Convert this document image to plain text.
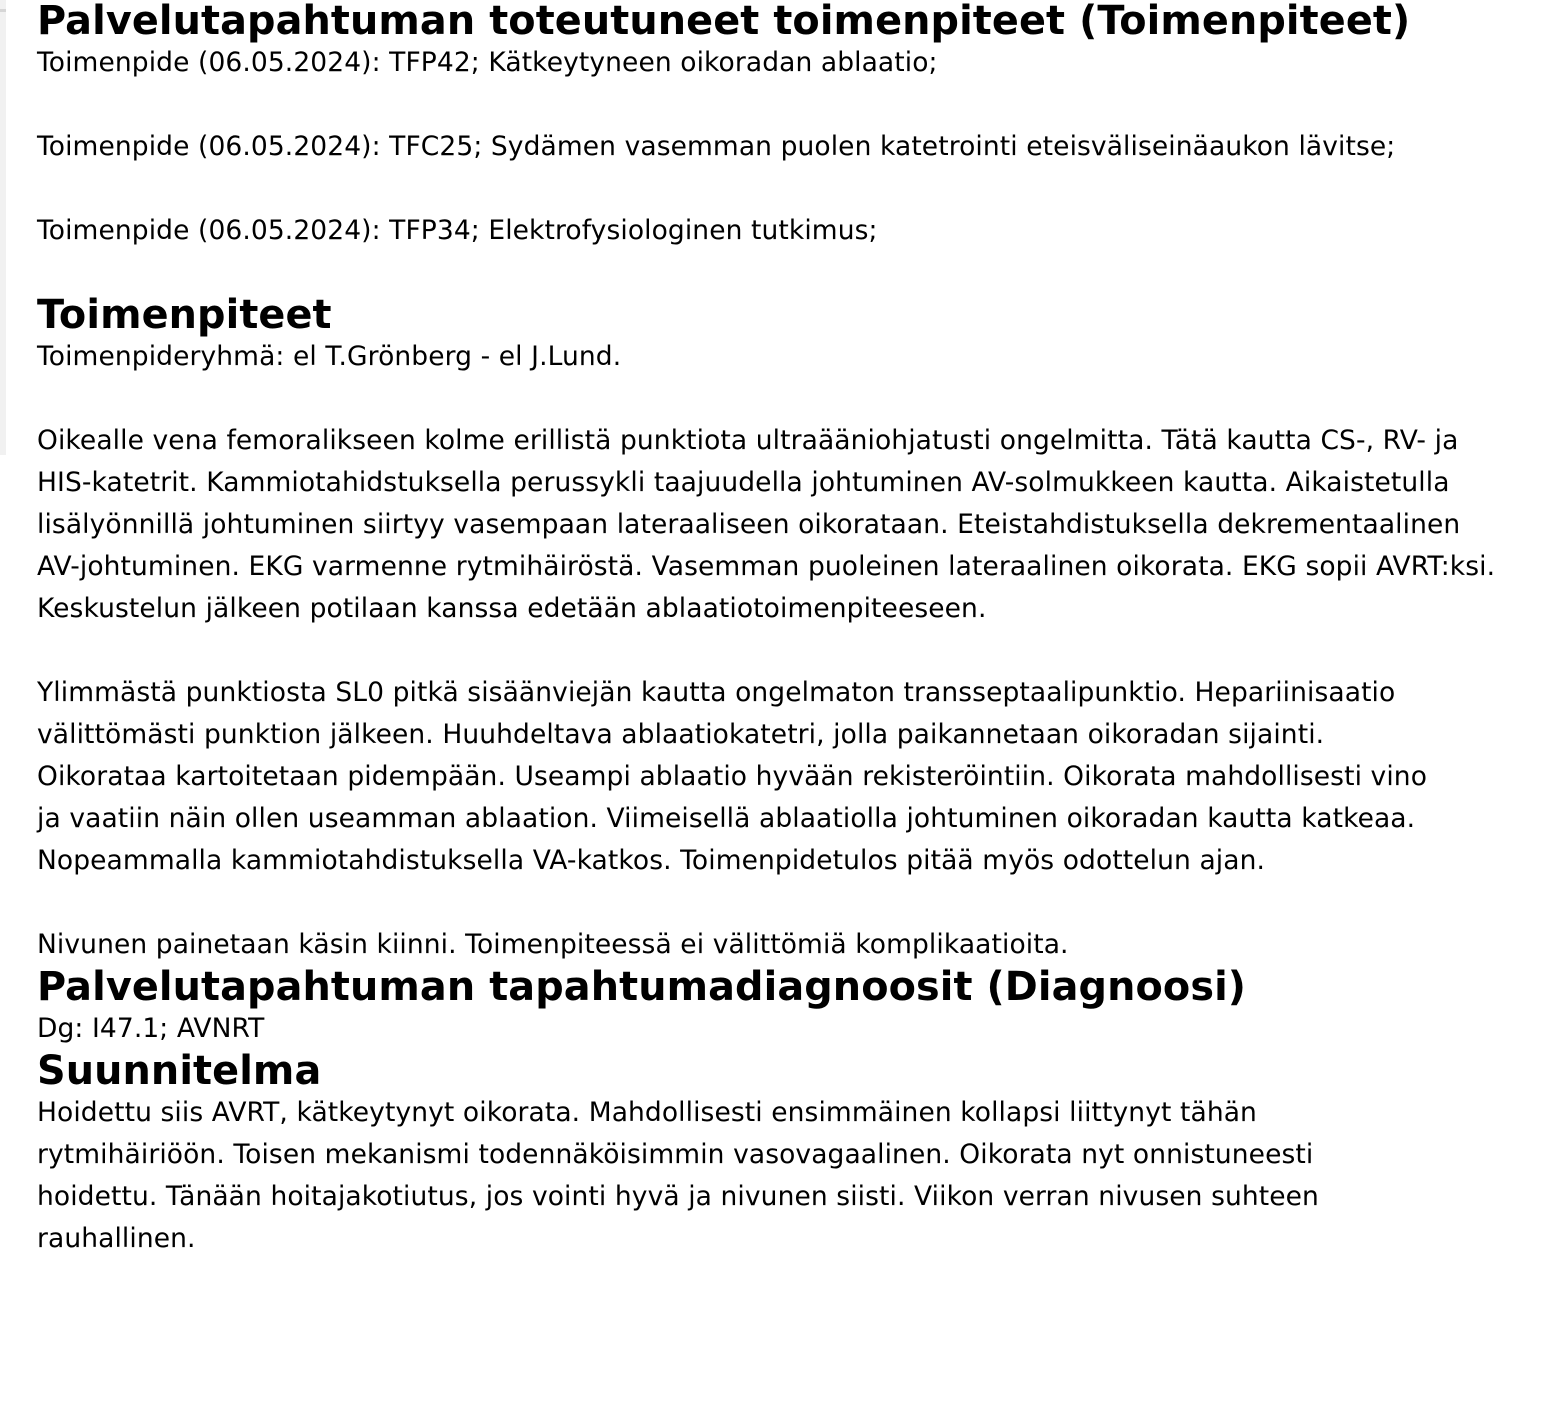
Palvelutapahtuman toteutuneet toimenpiteet (Toimenpiteet)

Toimenpide (06.05.2024): TFP42; Kätkeytyneen oikoradan ablaatio;

Toimenpide (06.05.2024): TFC25; Sydämen vasemman puolen katetrointi eteisväliseinäaukon lävitse;

Toimenpide (06.05.2024): TFP34; Elektrofysiologinen tutkimus;

Toimenpiteet

Toimenpideryhmä: el T.Grönberg - el J.Lund.

Oikealle vena femoralikseen kolme erillistä punktiota ultraääniohjatusti ongelmitta. Tätä kautta CS-, RV- ja HIS-katetrit. Kammiotahidstuksella perussykli taajuudella johtuminen AV-solmukkeen kautta. Aikaistetulla lisälyönnillä johtuminen siirtyy vasempaan lateraaliseen oikorataan. Eteistahdistuksella dekrementaalinen AV-johtuminen. EKG varmenne rytmihäiröstä. Vasemman puoleinen lateraalinen oikorata. EKG sopii AVRT:ksi. Keskustelun jälkeen potilaan kanssa edetään ablaatiotoimenpiteeseen.

Ylimmästä punktiosta SL0 pitkä sisäänviejän kautta ongelmaton transseptaalipunktio. Hepariinisaatio välittömästi punktion jälkeen. Huuhdeltava ablaatiokatetri, jolla paikannetaan oikoradan sijainti. Oikorataa kartoitetaan pidempään. Useampi ablaatio hyvään rekisteröintiin. Oikorata mahdollisesti vino ja vaatiin näin ollen useamman ablaation. Viimeisellä ablaatiolla johtuminen oikoradan kautta katkeaa. Nopeammalla kammiotahdistuksella VA-katkos. Toimenpidetulos pitää myös odottelun ajan.

Nivunen painetaan käsin kiinni. Toimenpiteessä ei välittömiä komplikaatioita.

Palvelutapahtuman tapahtumadiagnoosit (Diagnoosi)

Dg: I47.1; AVNRT

Suunnitelma

Hoidettu siis AVRT, kätkeytynyt oikorata. Mahdollisesti ensimmäinen kollapsi liittynyt tähän rytmihäiriöön. Toisen mekanismi todennäköisimmin vasovagaalinen. Oikorata nyt onnistuneesti hoidettu. Tänään hoitajakotiutus, jos vointi hyvä ja nivunen siisti. Viikon verran nivusen suhteen rauhallinen.
